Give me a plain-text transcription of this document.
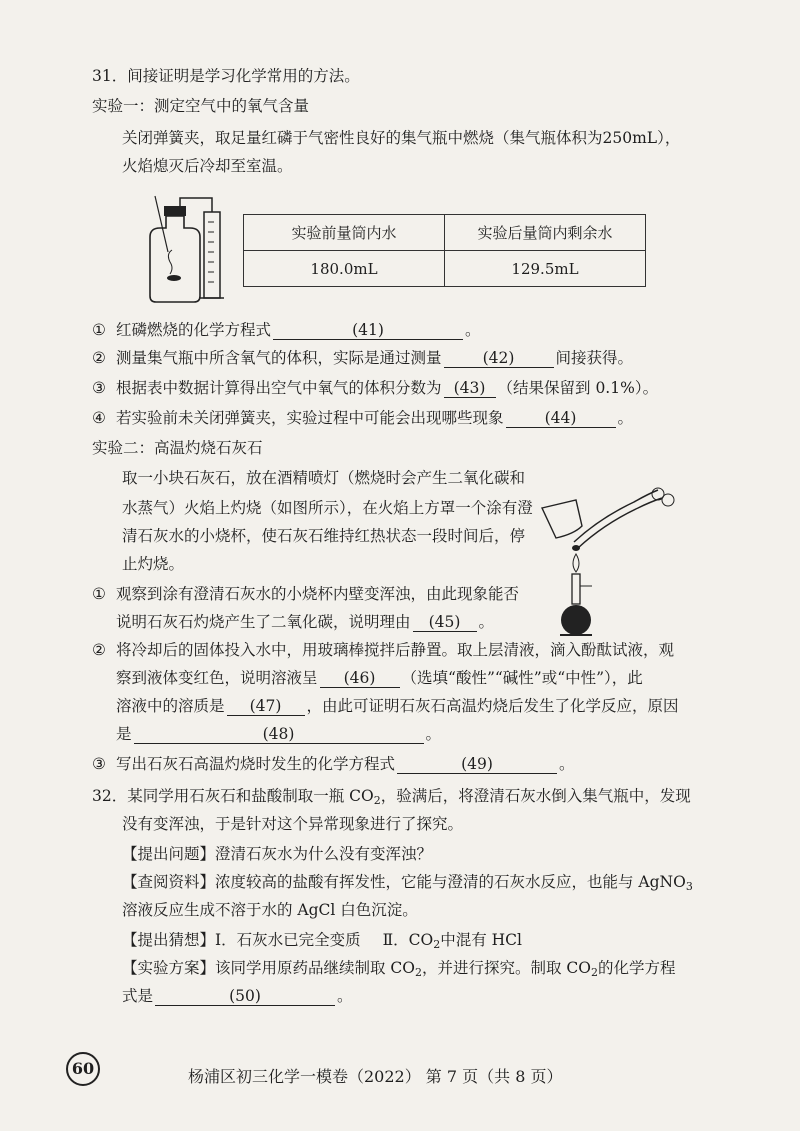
31．间接证明是学习化学常用的方法。
实验一：测定空气中的氧气含量
关闭弹簧夹，取足量红磷于气密性良好的集气瓶中燃烧（集气瓶体积为250mL），
火焰熄灭后冷却至室温。
实验前量筒内水	实验后量筒内剩余水
180.0mL	129.5mL
① 红磷燃烧的化学方程式	(41)	。
② 测量集气瓶中所含氧气的体积，实际是通过测量	(42)	间接获得。
③ 根据表中数据计算得出空气中氧气的体积分数为 (43) （结果保留到 0.1%）。
④ 若实验前未关闭弹簧夹，实验过程中可能会出现哪些现象	(44)	。
实验二：高温灼烧石灰石
取一小块石灰石，放在酒精喷灯（燃烧时会产生二氧化碳和
水蒸气）火焰上灼烧（如图所示），在火焰上方罩一个涂有澄
清石灰水的小烧杯，使石灰石维持红热状态一段时间后，停
止灼烧。
① 观察到涂有澄清石灰水的小烧杯内壁变浑浊，由此现象能否
说明石灰石灼烧产生了二氧化碳，说明理由 (45) 。
② 将冷却后的固体投入水中，用玻璃棒搅拌后静置。取上层清液，滴入酚酞试液，观
察到液体变红色，说明溶液呈 (46) （选填“酸性”“碱性”或“中性”），此
溶液中的溶质是 (47) ，由此可证明石灰石高温灼烧后发生了化学反应，原因
是	(48)	。
③ 写出石灰石高温灼烧时发生的化学方程式	(49)	。
32．某同学用石灰石和盐酸制取一瓶 $CO_2$，验满后，将澄清石灰水倒入集气瓶中，发现
没有变浑浊，于是针对这个异常现象进行了探究。
【提出问题】澄清石灰水为什么没有变浑浊？
【查阅资料】浓度较高的盐酸有挥发性，它能与澄清的石灰水反应，也能与 AgNO$_3$
溶液反应生成不溶于水的 AgCl 白色沉淀。
【提出猜想】Ⅰ．石灰水已完全变质 Ⅱ．$CO_2$中混有 HCl
【实验方案】该同学用原药品继续制取 $CO_2$，并进行探究。制取 $CO_2$的化学方程
式是	(50)	。
60	杨浦区初三化学一模卷（2022） 第 7 页（共 8 页）
